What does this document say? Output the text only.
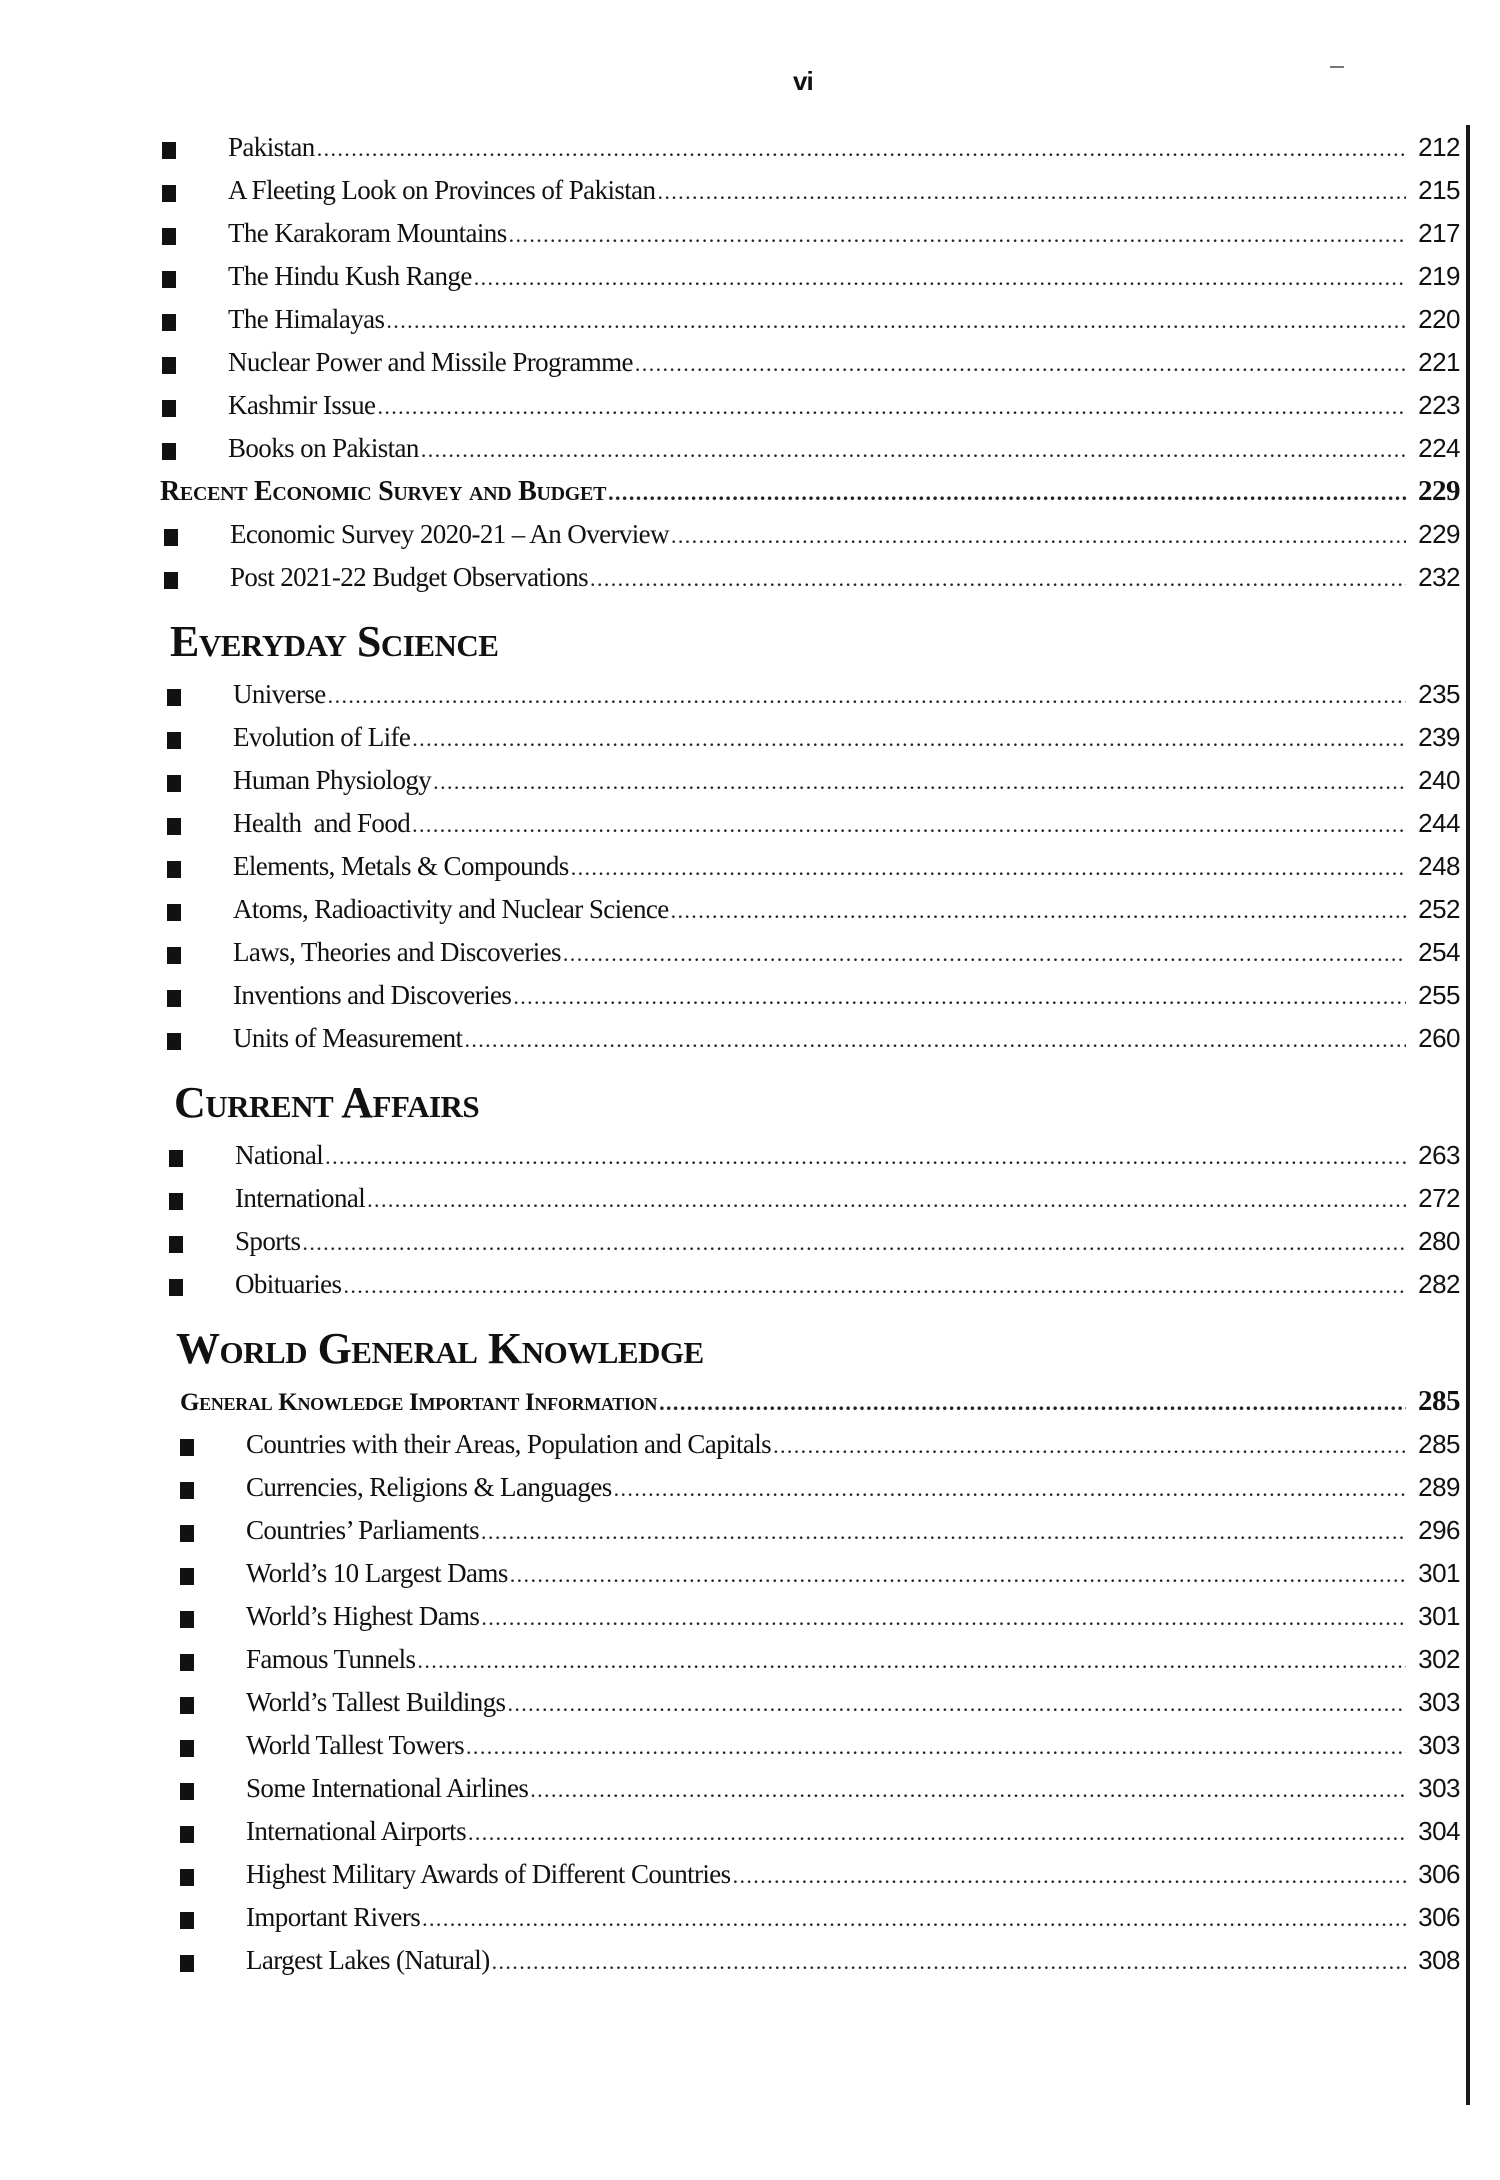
vi
Pakistan .....	212
A Fleeting Look on Provinces of Pakistan .....	215
The Karakoram Mountains .....	217
The Hindu Kush Range .....	219
The Himalayas .....	220
Nuclear Power and Missile Programme .....	221
Kashmir Issue .....	223
Books on Pakistan .....	224
Recent Economic Survey and Budget .....	229
Economic Survey 2020-21 – An Overview .....	229
Post 2021-22 Budget Observations .....	232
Everyday Science
Universe .....	235
Evolution of Life .....	239
Human Physiology .....	240
Health  and Food .....	244
Elements, Metals & Compounds .....	248
Atoms, Radioactivity and Nuclear Science .....	252
Laws, Theories and Discoveries .....	254
Inventions and Discoveries .....	255
Units of Measurement .....	260
Current Affairs
National .....	263
International .....	272
Sports .....	280
Obituaries .....	282
World General Knowledge
General Knowledge Important Information .....	285
Countries with their Areas, Population and Capitals .....	285
Currencies, Religions & Languages .....	289
Countries’ Parliaments .....	296
World’s 10 Largest Dams .....	301
World’s Highest Dams .....	301
Famous Tunnels .....	302
World’s Tallest Buildings .....	303
World Tallest Towers .....	303
Some International Airlines .....	303
International Airports .....	304
Highest Military Awards of Different Countries .....	306
Important Rivers .....	306
Largest Lakes (Natural) .....	308
